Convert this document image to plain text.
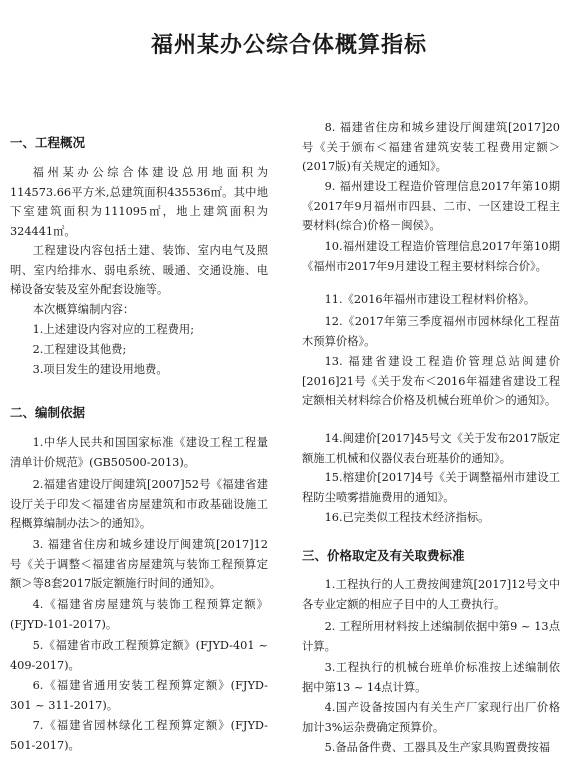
福州某办公综合体概算指标

一、工程概况

福州某办公综合体建设总用地面积为114573.66平方米,总建筑面积435536㎡。其中地下室建筑面积为111095㎡，地上建筑面积为324441㎡。

工程建设内容包括土建、装饰、室内电气及照明、室内给排水、弱电系统、暖通、交通设施、电梯设备安装及室外配套设施等。

本次概算编制内容：

1.上述建设内容对应的工程费用;

2.工程建设其他费;

3.项目发生的建设用地费。

二、编制依据

1.中华人民共和国国家标准《建设工程工程量清单计价规范》(GB50500-2013)。

2.福建省建设厅闽建筑[2007]52号《福建省建设厅关于印发＜福建省房屋建筑和市政基础设施工程概算编制办法＞的通知》。

3. 福建省住房和城乡建设厅闽建筑[2017]12号《关于调整＜福建省房屋建筑与装饰工程预算定额＞等8套2017版定额施行时间的通知》。

4.《福建省房屋建筑与装饰工程预算定额》(FJYD-101-2017)。

5.《福建省市政工程预算定额》(FJYD-401 ~ 409-2017)。

6.《福建省通用安装工程预算定额》(FJYD-301 ~ 311-2017)。

7.《福建省园林绿化工程预算定额》(FJYD-501-2017)。

8. 福建省住房和城乡建设厅闽建筑[2017]20号《关于颁布＜福建省建筑安装工程费用定额＞(2017版)有关规定的通知》。

9. 福州建设工程造价管理信息2017年第10期《2017年9月福州市四县、二市、一区建设工程主要材料(综合)价格－闽侯》。

10.福州建设工程造价管理信息2017年第10期《福州市2017年9月建设工程主要材料综合价》。

11.《2016年福州市建设工程材料价格》。

12.《2017年第三季度福州市园林绿化工程苗木预算价格》。

13. 福建省建设工程造价管理总站闽建价[2016]21号《关于发布＜2016年福建省建设工程定额相关材料综合价格及机械台班单价＞的通知》。

14.闽建价[2017]45号文《关于发布2017版定额施工机械和仪器仪表台班基价的通知》。

15.榕建价[2017]4号《关于调整福州市建设工程防尘喷雾措施费用的通知》。

16.已完类似工程技术经济指标。

三、价格取定及有关取费标准

1.工程执行的人工费按闽建筑[2017]12号文中各专业定额的相应子目中的人工费执行。

2. 工程所用材料按上述编制依据中第9 ~ 13点计算。

3.工程执行的机械台班单价标准按上述编制依据中第13 ~ 14点计算。

4.国产设备按国内有关生产厂家现行出厂价格加计3%运杂费确定预算价。

5.备品备件费、工器具及生产家具购置费按福
